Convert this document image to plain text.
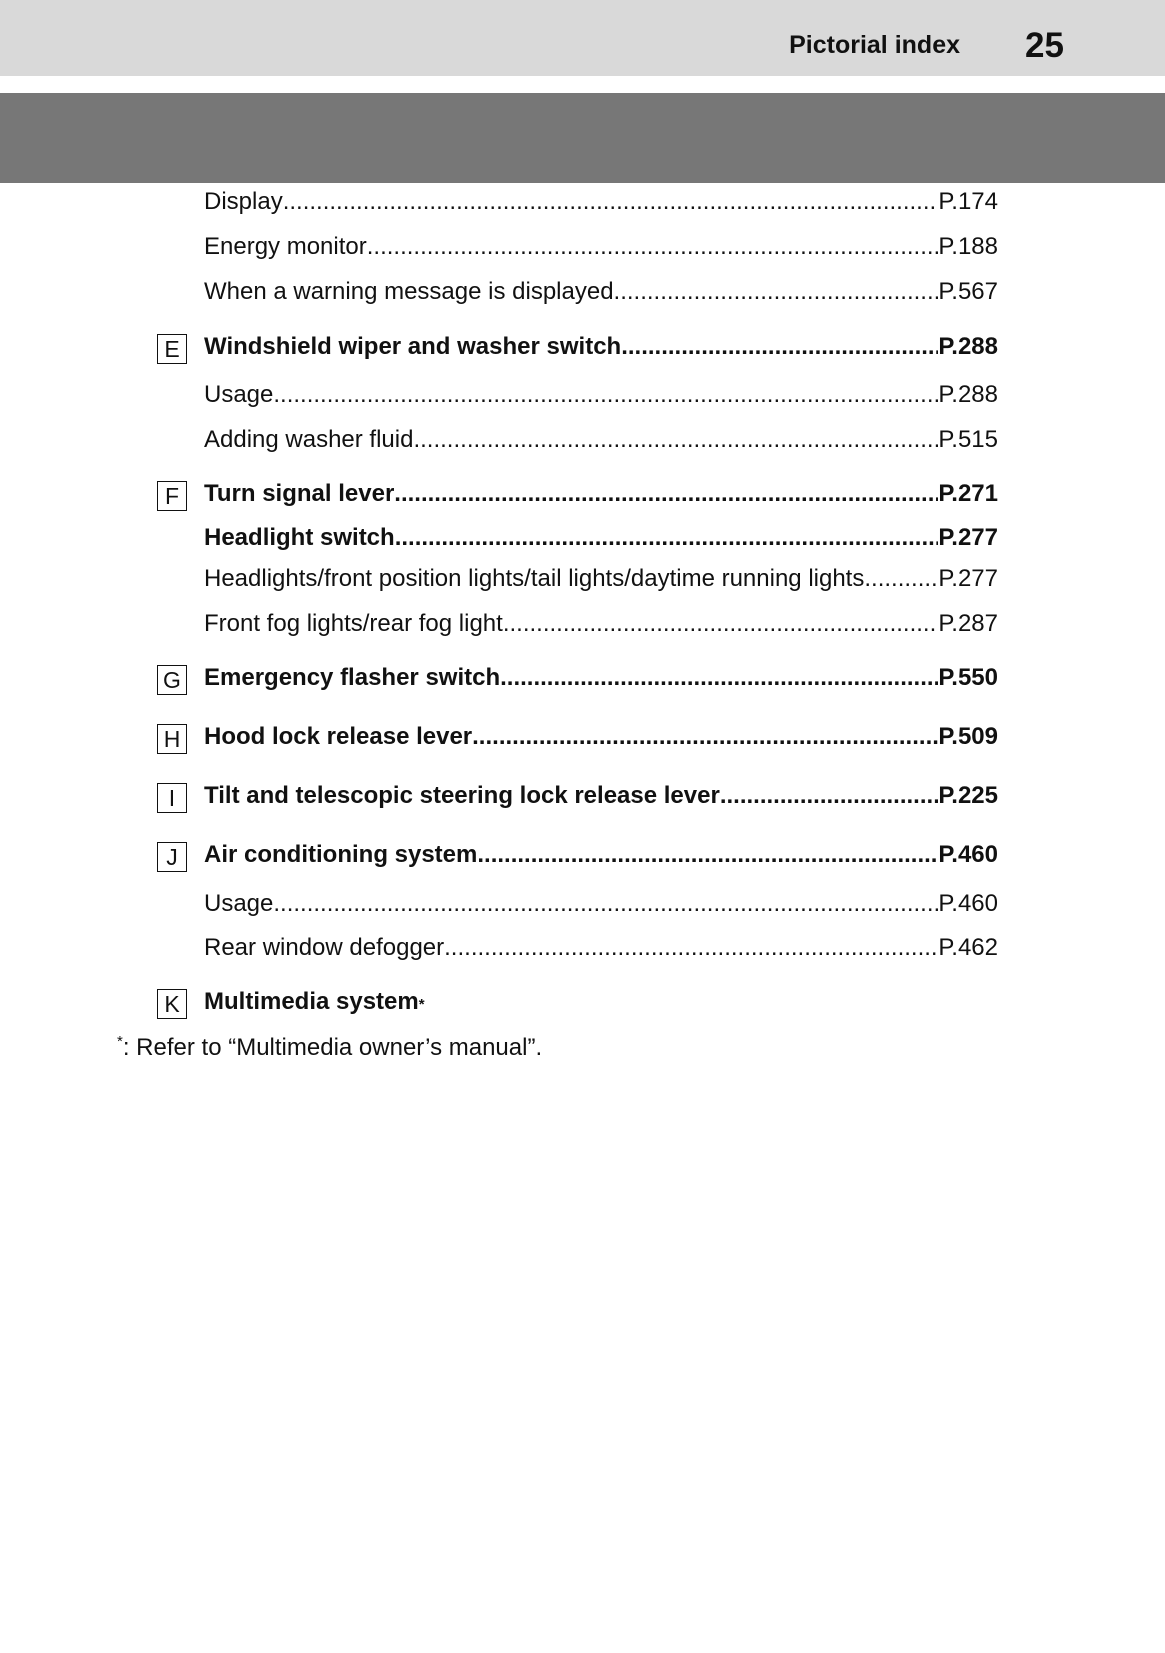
Pictorial index 25
Display .....	P.174
Energy monitor .....	P.188
When a warning message is displayed .....	P.567
E	Windshield wiper and washer switch .....	P.288
Usage .....	P.288
Adding washer fluid .....	P.515
F	Turn signal lever .....	P.271
Headlight switch .....	P.277
Headlights/front position lights/tail lights/daytime running lights .....	P.277
Front fog lights/rear fog light .....	P.287
G Emergency flasher switch .....	P.550
H Hood lock release lever .....	P.509
I	Tilt and telescopic steering lock release lever .....	P.225
J	Air conditioning system .....	P.460
Usage .....	P.460
Rear window defogger .....	P.462
K	Multimedia system *
*: Refer to “Multimedia owner’s manual”.
